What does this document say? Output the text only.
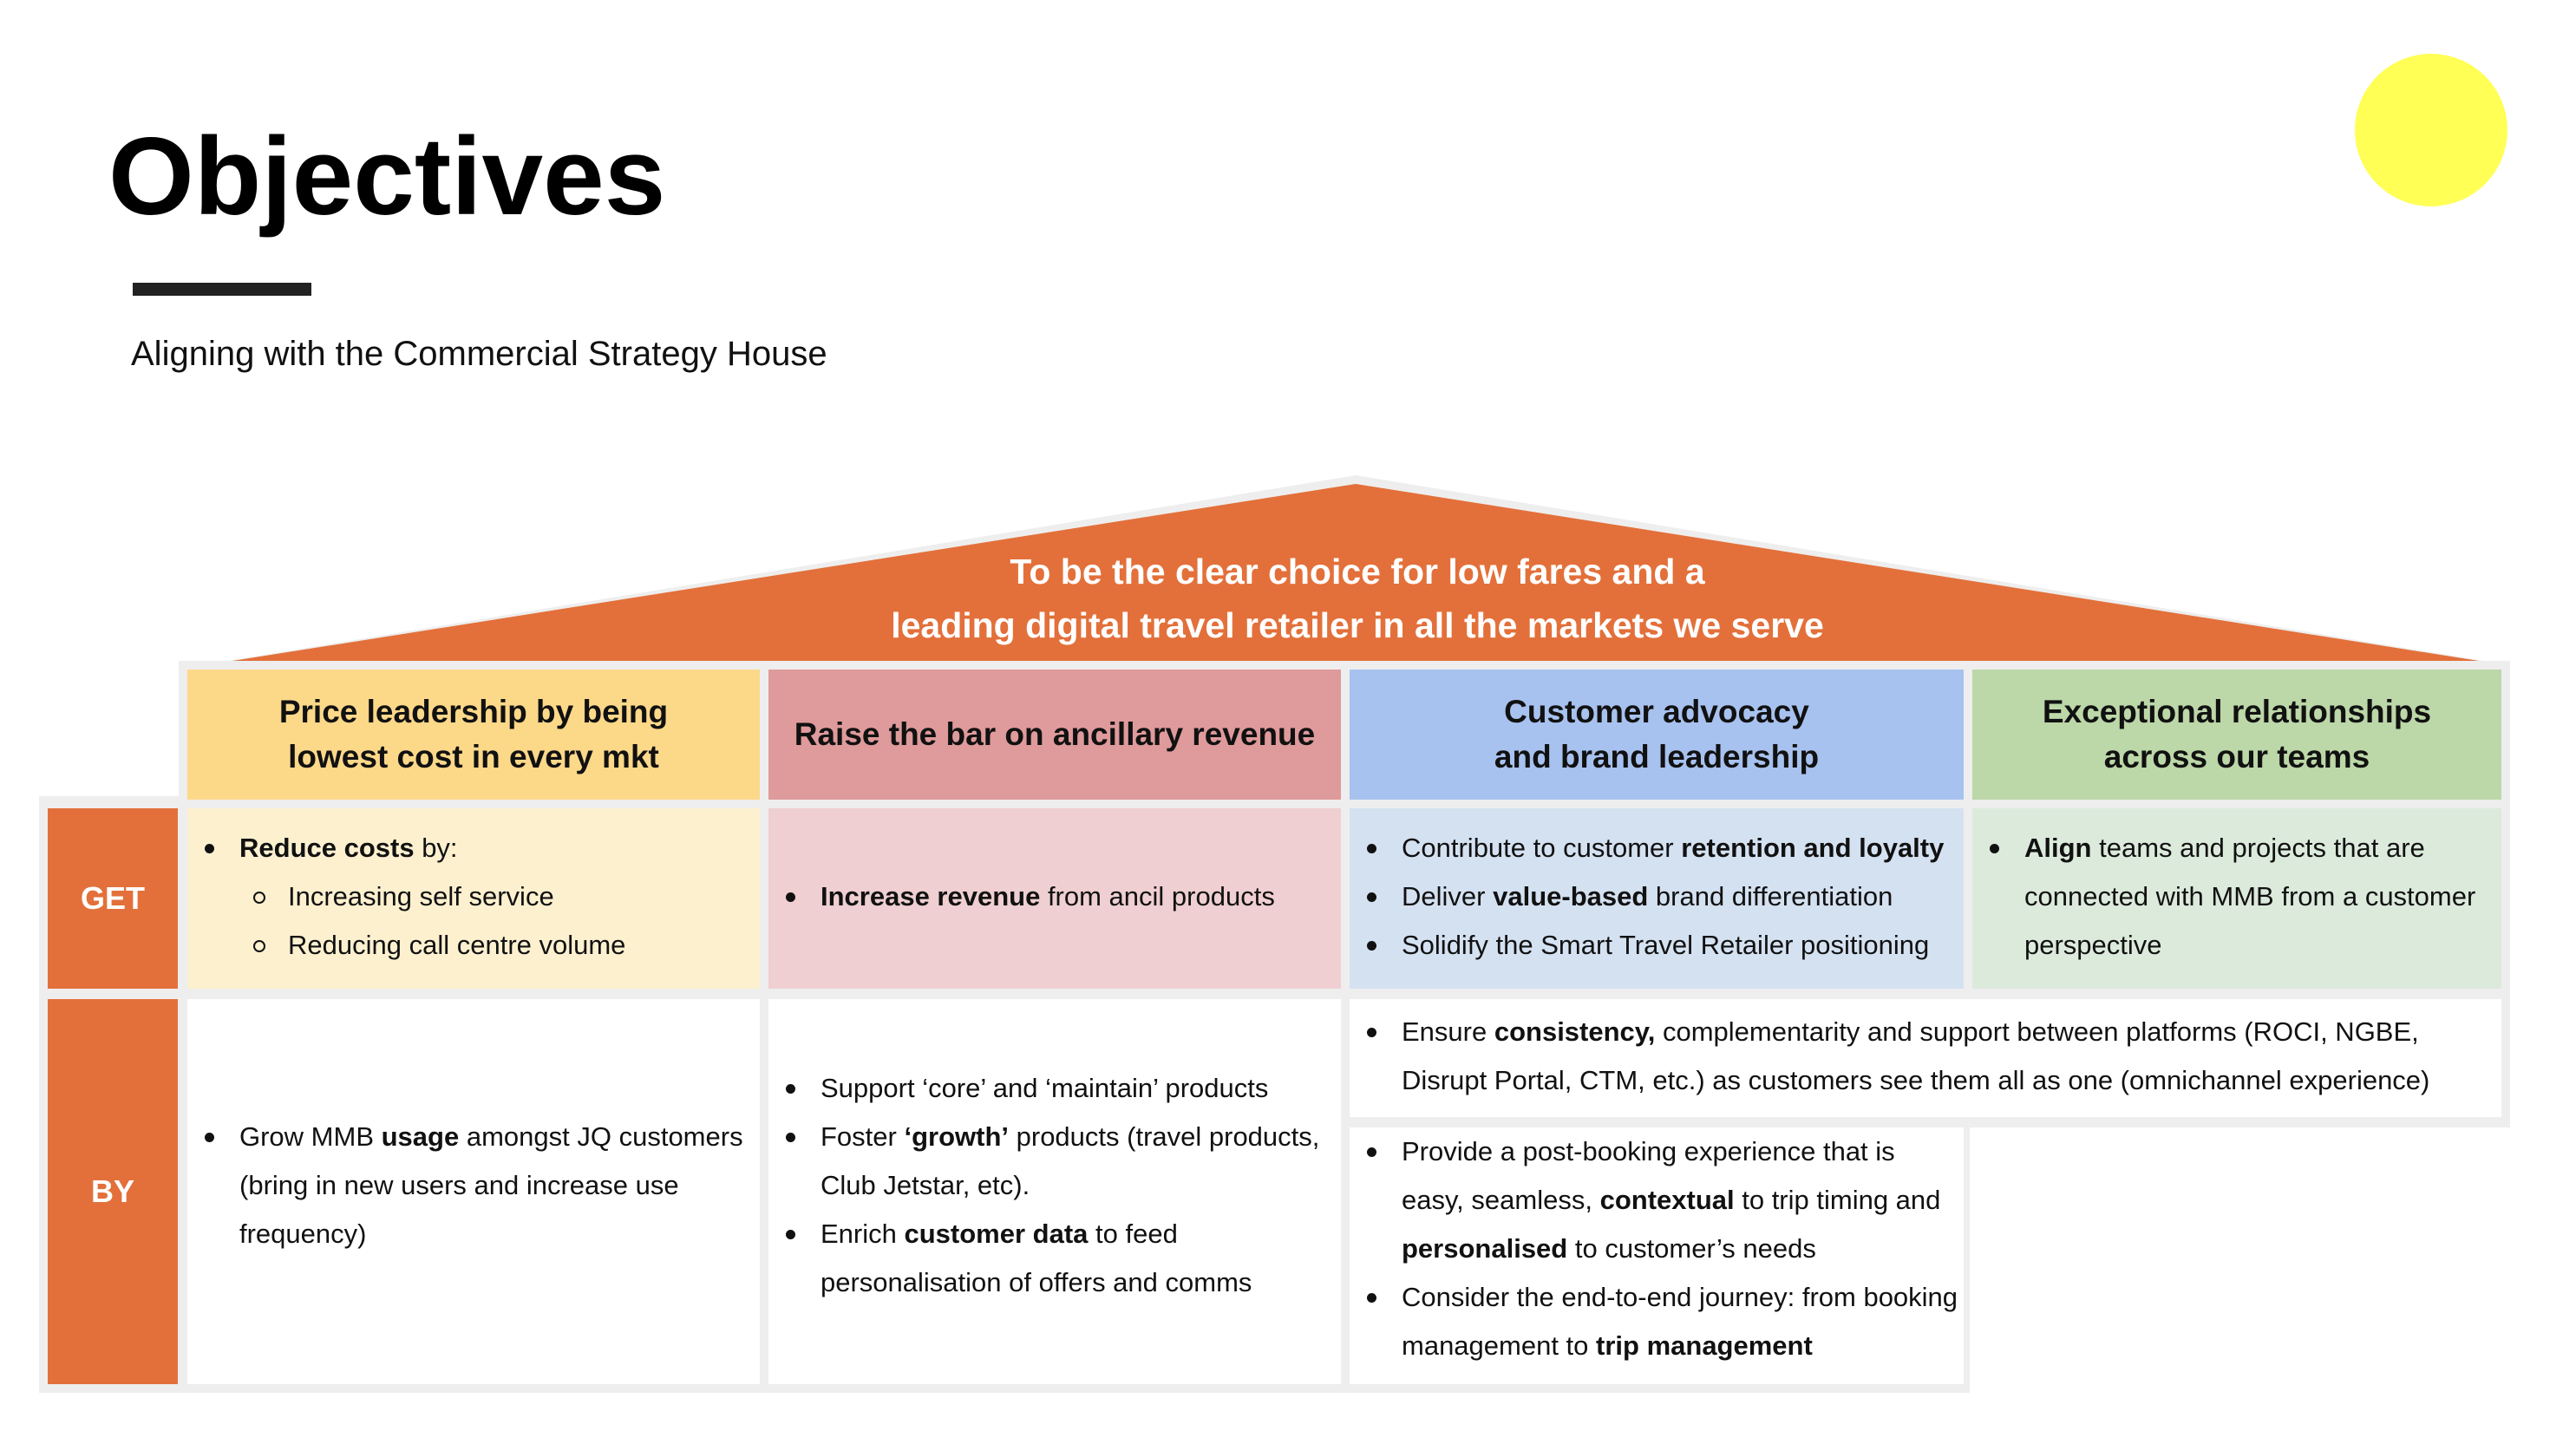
Objectives
Aligning with the Commercial Strategy House
To be the clear choice for low fares and a
leading digital travel retailer in all the markets we serve
Price leadership by being
lowest cost in every mkt
Raise the bar on ancillary revenue
Customer advocacy
and brand leadership
Exceptional relationships
across our teams
GET
BY
Reduce costs by:
Increasing self service
Reducing call centre volume
Increase revenue from ancil products
Contribute to customer retention and loyalty
Deliver value-based brand differentiation
Solidify the Smart Travel Retailer positioning
Align teams and projects that are
connected with MMB from a customer
perspective
Grow MMB usage amongst JQ customers
(bring in new users and increase use
frequency)
Support ‘core’ and ‘maintain’ products
Foster ‘growth’ products (travel products,
Club Jetstar, etc).
Enrich customer data to feed
personalisation of offers and comms
Ensure consistency, complementarity and support between platforms (ROCI, NGBE,
Disrupt Portal, CTM, etc.) as customers see them all as one (omnichannel experience)
Provide a post-booking experience that is
easy, seamless, contextual to trip timing and
personalised to customer’s needs
Consider the end-to-end journey: from booking
management to trip management
